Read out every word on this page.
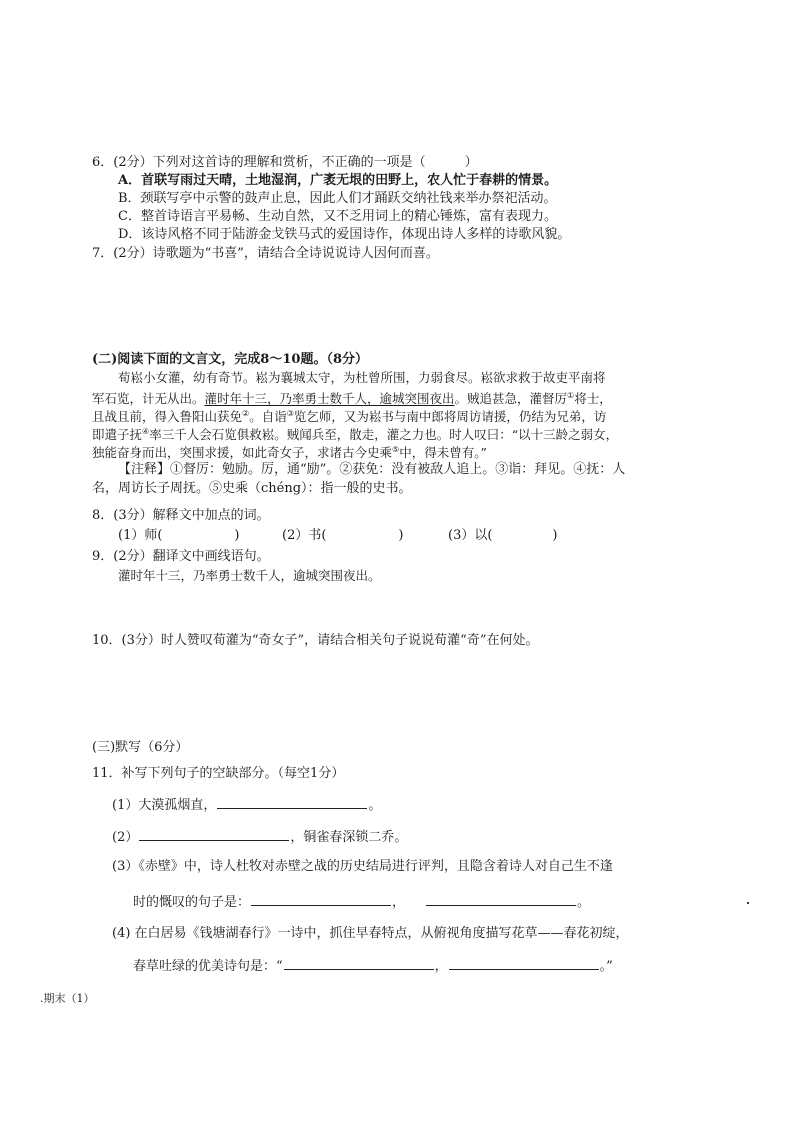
6．(2分）下列对这首诗的理解和赏析，不正确的一项是（　　　）
A．首联写雨过天晴，土地湿润，广袤无垠的田野上，农人忙于春耕的情景。
B．颈联写亭中示警的鼓声止息，因此人们才踊跃交纳社钱来举办祭祀活动。
C．整首诗语言平易畅、生动自然，又不乏用词上的精心锤炼，富有表现力。
D．该诗风格不同于陆游金戈铁马式的爱国诗作，体现出诗人多样的诗歌风貌。
7．(2分）诗歌题为“书喜”，请结合全诗说说诗人因何而喜。
(二)阅读下面的文言文，完成8～10题。（8分）
荀崧小女灌，幼有奇节。崧为襄城太守，为杜曾所围，力弱食尽。崧欲求救于故吏平南将
军石览，计无从出。灌时年十三，乃率勇士数千人，逾城突围夜出。贼追甚急，灌督厉①将士，
且战且前，得入鲁阳山获免②。自诣③览乞师，又为崧书与南中郎将周访请援，仍结为兄弟，访
即遣子抚④率三千人会石览俱救崧。贼闻兵至，散走，灌之力也。时人叹曰：“以十三龄之弱女，
独能奋身而出，突围求援，如此奇女子，求诸古今史乘⑤中，得未曾有。”
【注释】①督厉：勉励。厉，通“励”。②获免：没有被敌人追上。③诣：拜见。④抚：人
名，周访长子周抚。⑤史乘（chéng）：指一般的史书。
8．(3分）解释文中加点的词。
(1）师(	)	(2）书(	)	(3）以(	)
9．(2分）翻译文中画线语句。
灌时年十三，乃率勇士数千人，逾城突围夜出。
10．(3分）时人赞叹荀灌为“奇女子”，请结合相关句子说说荀灌“奇”在何处。
(三)默写（6分）
11．补写下列句子的空缺部分。（每空1分）
(1）大漠孤烟直，	。
(2）	，铜雀春深锁二乔。
(3）《赤壁》中，诗人杜牧对赤壁之战的历史结局进行评判，且隐含着诗人对自己生不逢
时的慨叹的句子是：	，	。
(4) 在白居易《钱塘湖春行》一诗中，抓住早春特点，从俯视角度描写花草——春花初绽，
春草吐绿的优美诗句是：“	，	。”
.期末（1）
